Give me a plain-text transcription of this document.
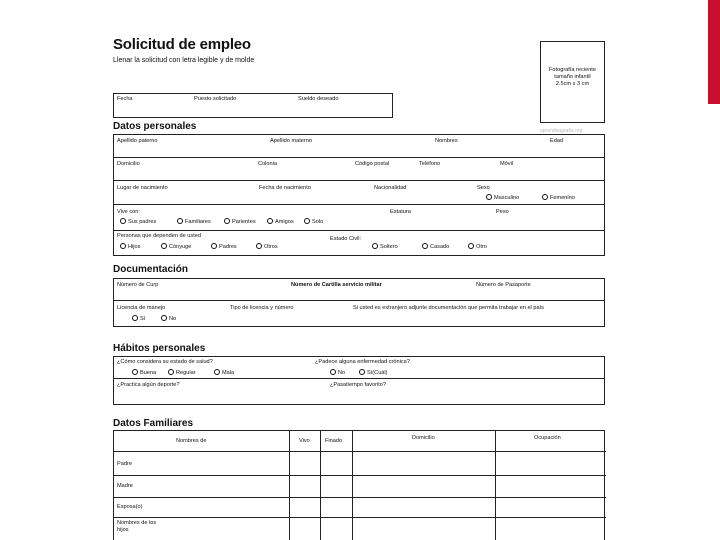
Solicitud de empleo
Llenar la solicitud con letra legible y de molde
Fotografía reciente
tamaño infantil
2.5cm x 3 cm
Fecha	Puesto solicitado	Sueldo deseado
aprendeagrafia.org
Datos personales
Apellido paterno	Apellido materno	Nombres	Edad
Domicilio	Colonia	Código postal	Teléfono	Móvil
Lugar de nacimiento	Fecha de nacimiento	Nacionalidad	Sexo
Masculino	Femenino
Vive con:
Sus padres	Familiares	Parientes	Amigos	Solo
Estatura	Peso
Personas que dependen de usted
Hijos	Cónyuge	Padres	Otros
Estado Civil:
Soltero	Casado	Otro
Documentación
Número de Curp	Número de Cartilla servicio militar	Número de Pasaporte
Licencia de manejo
Sí	No
Tipo de licencia y número	Si usted es extranjero adjunte documentación que permita trabajar en el país
Hábitos personales
¿Cómo considera su estado de salud?
Buena	Regular	Mala
¿Padece alguna enfermedad crónica?
No	Sí(Cuál)
¿Practica algún deporte?	¿Pasatiempo favorito?
Datos Familiares
Nombres de	Vivo	Finado	Domicilio	Ocupación
Padre
Madre
Esposa(o)
Nombres de los hijos
